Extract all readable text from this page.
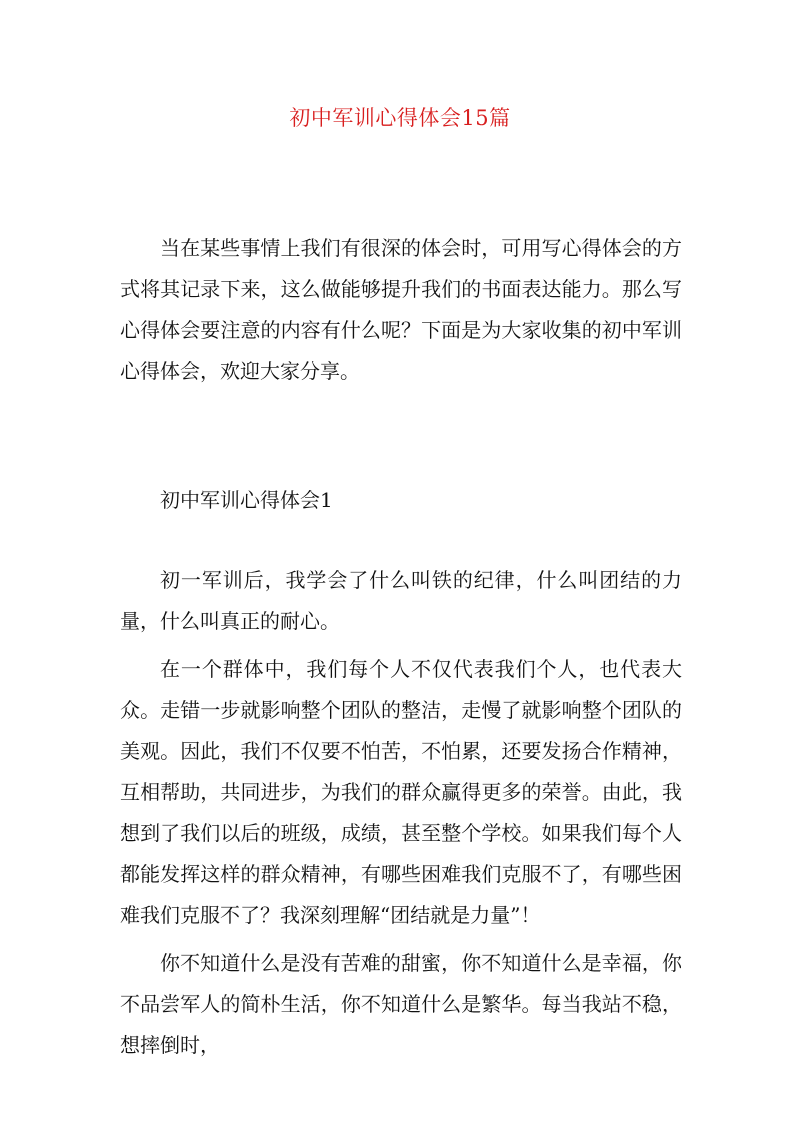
初中军训心得体会15篇

当在某些事情上我们有很深的体会时，可用写心得体会的方式将其记录下来，这么做能够提升我们的书面表达能力。那么写心得体会要注意的内容有什么呢？下面是为大家收集的初中军训心得体会，欢迎大家分享。

初中军训心得体会1

初一军训后，我学会了什么叫铁的纪律，什么叫团结的力量，什么叫真正的耐心。

在一个群体中，我们每个人不仅代表我们个人，也代表大众。走错一步就影响整个团队的整洁，走慢了就影响整个团队的美观。因此，我们不仅要不怕苦，不怕累，还要发扬合作精神，互相帮助，共同进步，为我们的群众赢得更多的荣誉。由此，我想到了我们以后的班级，成绩，甚至整个学校。如果我们每个人都能发挥这样的群众精神，有哪些困难我们克服不了，有哪些困难我们克服不了？我深刻理解“团结就是力量”！

你不知道什么是没有苦难的甜蜜，你不知道什么是幸福，你不品尝军人的简朴生活，你不知道什么是繁华。每当我站不稳，想摔倒时，
